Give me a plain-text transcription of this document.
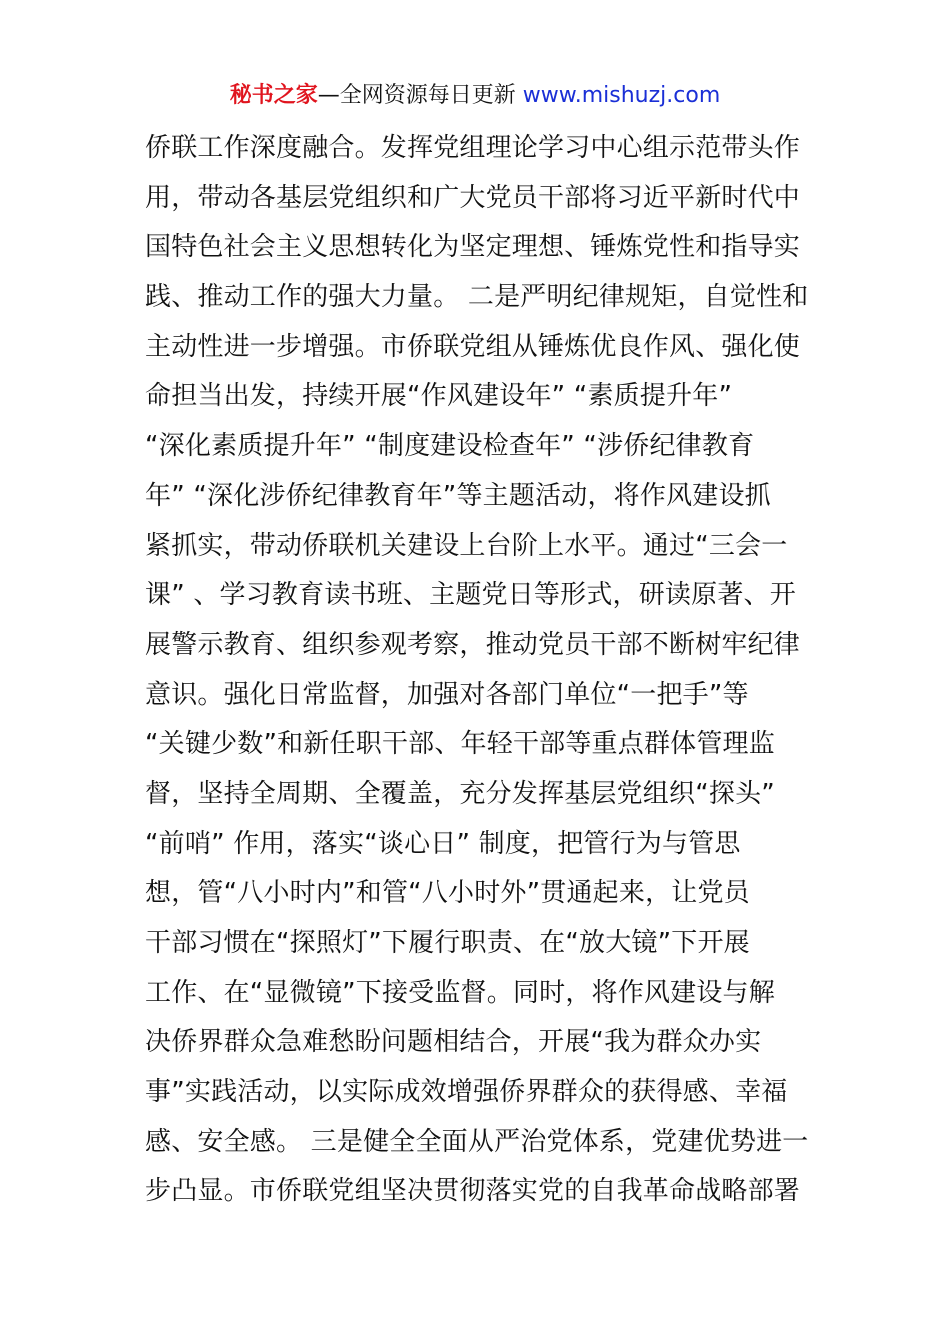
秘书之家—全网资源每日更新 www.mishuzj.com
侨联工作深度融合。发挥党组理论学习中心组示范带头作
用，带动各基层党组织和广大党员干部将习近平新时代中
国特色社会主义思想转化为坚定理想、锤炼党性和指导实
践、推动工作的强大力量。 二是严明纪律规矩，自觉性和
主动性进一步增强。市侨联党组从锤炼优良作风、强化使
命担当出发，持续开展“作风建设年” “素质提升年”
“深化素质提升年” “制度建设检查年” “涉侨纪律教育
年” “深化涉侨纪律教育年”等主题活动，将作风建设抓
紧抓实，带动侨联机关建设上台阶上水平。通过“三会一
课” 、学习教育读书班、主题党日等形式，研读原著、开
展警示教育、组织参观考察，推动党员干部不断树牢纪律
意识。强化日常监督，加强对各部门单位“一把手”等
“关键少数”和新任职干部、年轻干部等重点群体管理监
督，坚持全周期、全覆盖，充分发挥基层党组织“探头”
“前哨” 作用，落实“谈心日” 制度，把管行为与管思
想，管“八小时内”和管“八小时外”贯通起来，让党员
干部习惯在“探照灯”下履行职责、在“放大镜”下开展
工作、在“显微镜”下接受监督。同时，将作风建设与解
决侨界群众急难愁盼问题相结合，开展“我为群众办实
事”实践活动，以实际成效增强侨界群众的获得感、幸福
感、安全感。 三是健全全面从严治党体系，党建优势进一
步凸显。市侨联党组坚决贯彻落实党的自我革命战略部署
